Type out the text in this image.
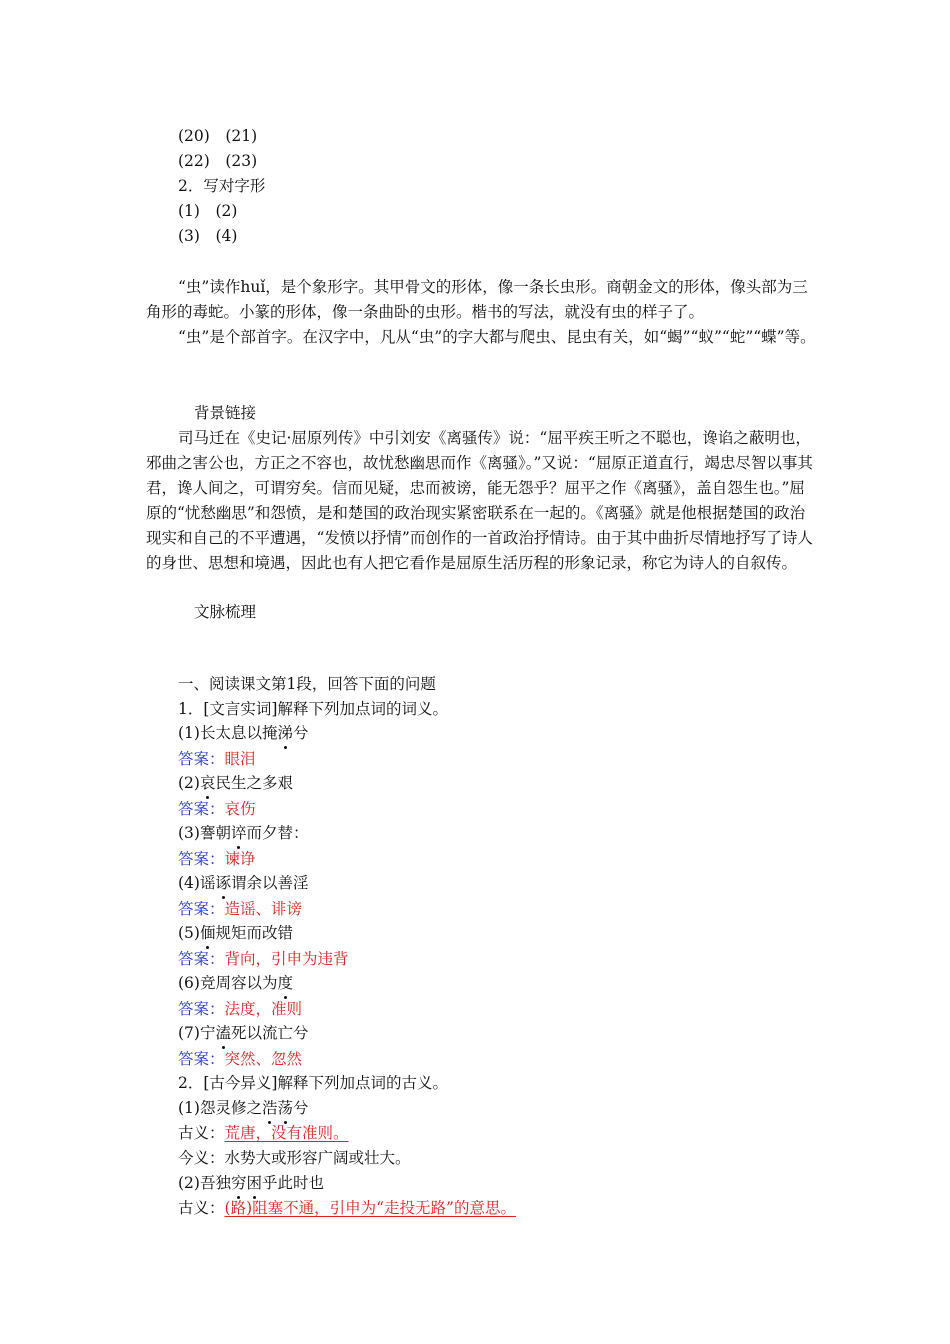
(20)　(21)
(22)　(23)
2．写对字形
(1)　(2)
(3)　(4)
“虫”读作huǐ，是个象形字。其甲骨文的形体，像一条长虫形。商朝金文的形体，像头部为三角形的毒蛇。小篆的形体，像一条曲卧的虫形。楷书的写法，就没有虫的样子了。
“虫”是个部首字。在汉字中，凡从“虫”的字大都与爬虫、昆虫有关，如“蝎”“蚁”“蛇”“蝶”等。
背景链接
司马迁在《史记·屈原列传》中引刘安《离骚传》说：“屈平疾王听之不聪也，谗谄之蔽明也，邪曲之害公也，方正之不容也，故忧愁幽思而作《离骚》。”又说：“屈原正道直行，竭忠尽智以事其君，谗人间之，可谓穷矣。信而见疑，忠而被谤，能无怨乎？屈平之作《离骚》，盖自怨生也。”屈原的“忧愁幽思”和怨愤，是和楚国的政治现实紧密联系在一起的。《离骚》就是他根据楚国的政治现实和自己的不平遭遇，“发愤以抒情”而创作的一首政治抒情诗。由于其中曲折尽情地抒写了诗人的身世、思想和境遇，因此也有人把它看作是屈原生活历程的形象记录，称它为诗人的自叙传。
文脉梳理
一、阅读课文第1段，回答下面的问题
1．[文言实词]解释下列加点词的词义。
(1)长太息以掩涕兮
答案：眼泪
(2)哀民生之多艰
答案：哀伤
(3)謇朝谇而夕替：
答案：谏诤
(4)谣诼谓余以善淫
答案：造谣、诽谤
(5)偭规矩而改错
答案：背向，引申为违背
(6)竞周容以为度
答案：法度，准则
(7)宁溘死以流亡兮
答案：突然、忽然
2．[古今异义]解释下列加点词的古义。
(1)怨灵修之浩荡兮
古义：荒唐，没有准则。
今义：水势大或形容广阔或壮大。
(2)吾独穷困乎此时也
古义：(路)阻塞不通，引申为“走投无路”的意思。
